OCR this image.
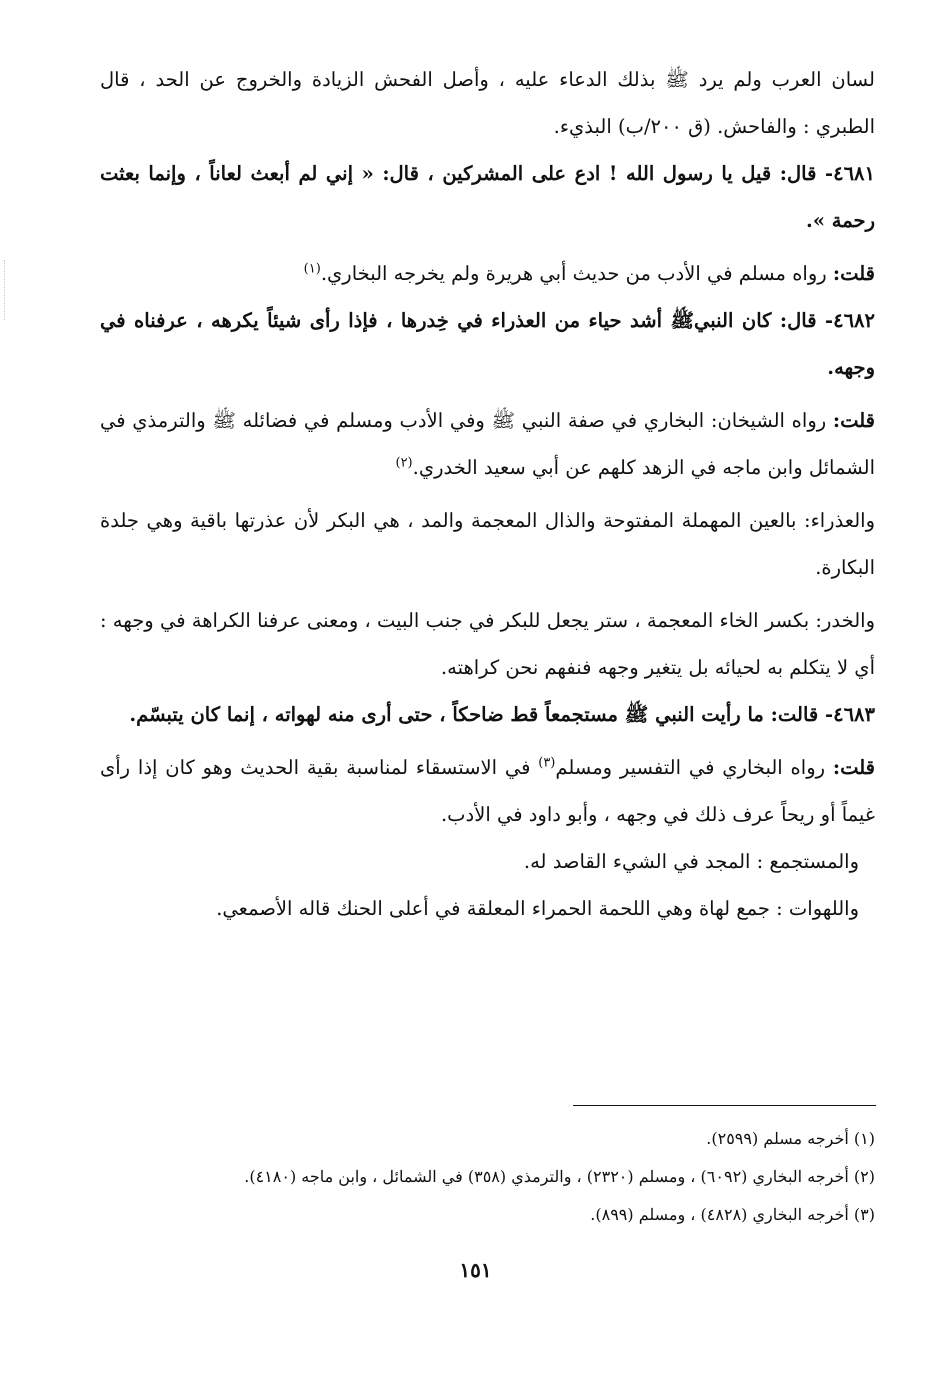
لسان العرب ولم يرد ﷺ بذلك الدعاء عليه ، وأصل الفحش الزيادة والخروج عن الحد ، قال الطبري : والفاحش. (ق ٢٠٠/ب) البذيء.

٤٦٨١- قال: قيل يا رسول الله ! ادع على المشركين ، قال: « إني لم أبعث لعاناً ، وإنما بعثت رحمة ».

قلت: رواه مسلم في الأدب من حديث أبي هريرة ولم يخرجه البخاري.$^{(١)}$

٤٦٨٢- قال: كان النبيﷺ أشد حياء من العذراء في خِدرها ، فإذا رأى شيئاً يكرهه ، عرفناه في وجهه.

قلت: رواه الشيخان: البخاري في صفة النبي ﷺ وفي الأدب ومسلم في فضائله ﷺ والترمذي في الشمائل وابن ماجه في الزهد كلهم عن أبي سعيد الخدري.$^{(٢)}$

والعذراء: بالعين المهملة المفتوحة والذال المعجمة والمد ، هي البكر لأن عذرتها باقية وهي جلدة البكارة.

والخدر: بكسر الخاء المعجمة ، ستر يجعل للبكر في جنب البيت ، ومعنى عرفنا الكراهة في وجهه : أي لا يتكلم به لحيائه بل يتغير وجهه فنفهم نحن كراهته.

٤٦٨٣- قالت: ما رأيت النبي ﷺ مستجمعاً قط ضاحكاً ، حتى أرى منه لهواته ، إنما كان يتبسّم.

قلت: رواه البخاري في التفسير ومسلم$^{(٣)}$ في الاستسقاء لمناسبة بقية الحديث وهو كان إذا رأى غيماً أو ريحاً عرف ذلك في وجهه ، وأبو داود في الأدب.

والمستجمع : المجد في الشيء القاصد له.

واللهوات : جمع لهاة وهي اللحمة الحمراء المعلقة في أعلى الحنك قاله الأصمعي.

(١) أخرجه مسلم (٢٥٩٩).

(٢) أخرجه البخاري (٦٠٩٢) ، ومسلم (٢٣٢٠) ، والترمذي (٣٥٨) في الشمائل ، وابن ماجه (٤١٨٠).

(٣) أخرجه البخاري (٤٨٢٨) ، ومسلم (٨٩٩).

١٥١
